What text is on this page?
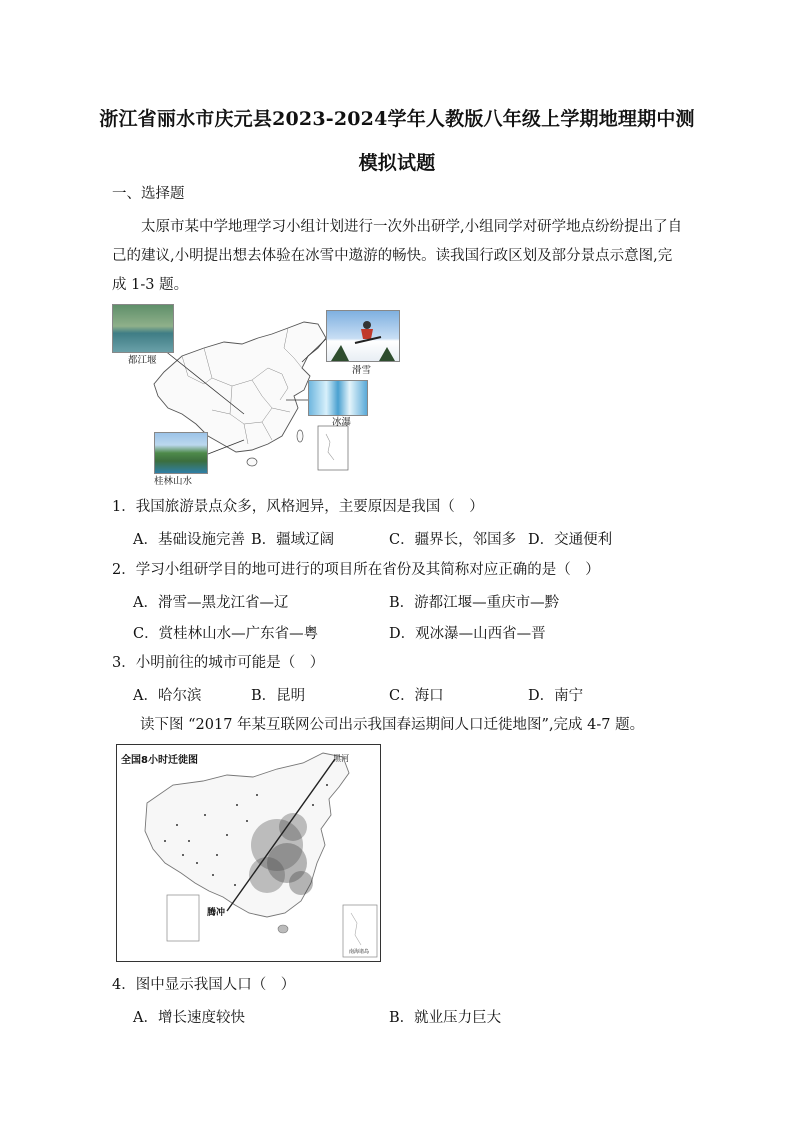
浙江省丽水市庆元县2023-2024学年人教版八年级上学期地理期中测
模拟试题
一、选择题

太原市某中学地理学习小组计划进行一次外出研学,小组同学对研学地点纷纷提出了自己的建议,小明提出想去体验在冰雪中遨游的畅快。读我国行政区划及部分景点示意图,完成 1-3 题。

都江堰
滑雪
冰瀑
桂林山水
1．我国旅游景点众多，风格迥异，主要原因是我国（　）
A．基础设施完善 B．疆域辽阔	C．疆界长，邻国多 D．交通便利
2．学习小组研学目的地可进行的项目所在省份及其简称对应正确的是（　）
A．滑雪—黑龙江省—辽	B．游都江堰—重庆市—黔
C．赏桂林山水—广东省—粤	D．观冰瀑—山西省—晋
3．小明前往的城市可能是（　）
A．哈尔滨	B．昆明	C．海口	D．南宁
读下图 “2017 年某互联网公司出示我国春运期间人口迁徙地图”,完成 4-7 题。
全国8小时迁徙图	黑河
腾冲
南海诸岛
4．图中显示我国人口（　）
A．增长速度较快	B．就业压力巨大
